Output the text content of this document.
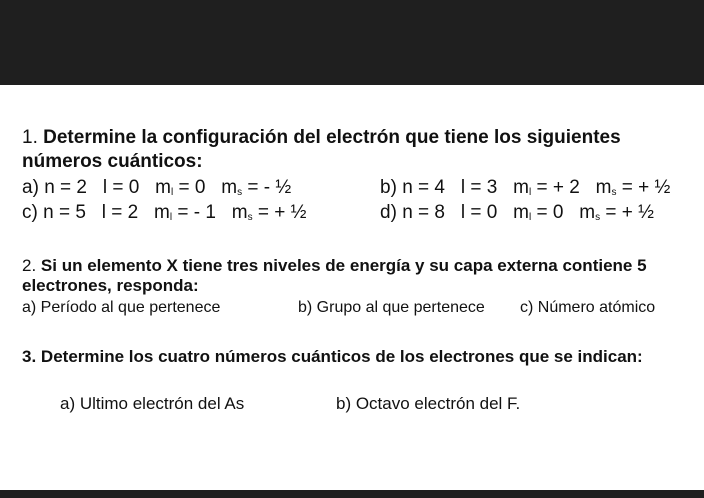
1. Determine la configuración del electrón que tiene los siguientes
números cuánticos:
a) n = 2 l = 0 ml = 0 ms = - ½	b) n = 4 l = 3 ml = + 2 ms = + ½
c) n = 5 l = 2 ml = - 1 ms = + ½	d) n = 8 l = 0 ml = 0 ms = + ½
2. Si un elemento X tiene tres niveles de energía y su capa externa contiene 5
electrones, responda:
a) Período al que pertenece	b) Grupo al que pertenece c) Número atómico
3. Determine los cuatro números cuánticos de los electrones que se indican:
a) Ultimo electrón del As	b) Octavo electrón del F.
